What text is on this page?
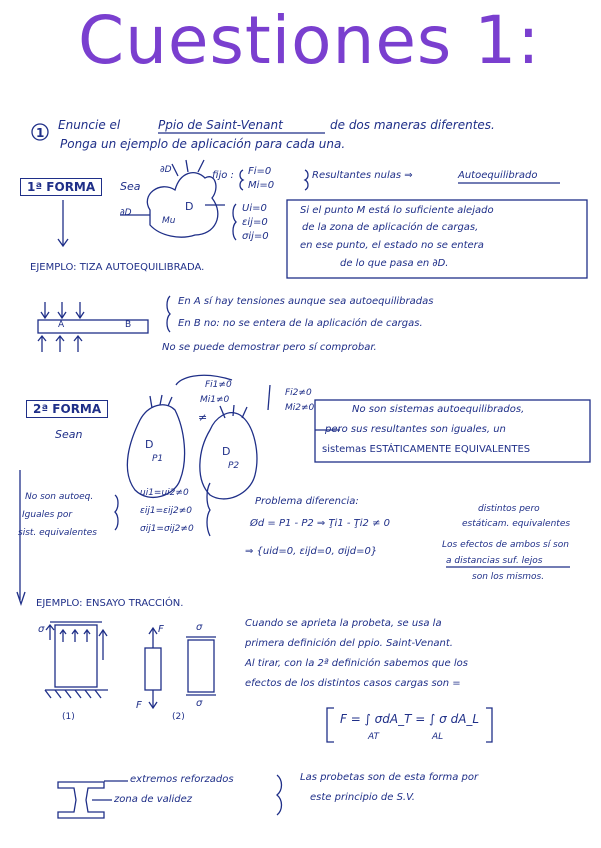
Cuestiones 1:
1
Enuncie el	Ppio de Saint-Venant	de dos maneras diferentes.
Ponga un ejemplo de aplicación para cada una.
1ª FORMA	Sea
D
Mu
∂D
∂D
fijo : Fi=0
Mi=0
Resultantes nulas ⇒	Autoequilibrado
Ui=0
εij=0
σij=0
Si el punto M está lo suficiente alejado
de la zona de aplicación de cargas,
en ese punto, el estado no se entera
de lo que pasa en ∂D.
EJEMPLO: TIZA AUTOEQUILIBRADA.
A	B
En A sí hay tensiones aunque sea autoequilibradas
En B no: no se entera de la aplicación de cargas.
No se puede demostrar pero sí comprobar.
2ª FORMA
Sean
Fi1≠0
Mi1≠0
Fi2≠0
Mi2≠0
≠
D
P1
D
P2
No son sistemas autoequilibrados,
pero sus resultantes son iguales, un
sistemas ESTÁTICAMENTE EQUIVALENTES
No son autoeq.
Iguales por
sist. equivalentes
ui1=ui2≠0
εij1=εij2≠0
σij1=σij2≠0
Problema diferencia:
Ød = P1 - P2 ⇒ Ţi1 - Ţi2 ≠ 0
distintos pero
estáticam. equivalentes
⇒ {uid=0, εijd=0, σijd=0}
Los efectos de ambos sí son
a distancias suf. lejos
son los mismos.
EJEMPLO: ENSAYO TRACCIÓN.
σ	F
F
σ
σ
(1)	(2)
Cuando se aprieta la probeta, se usa la
primera definición del ppio. Saint-Venant.
Al tirar, con la 2ª definición sabemos que los
efectos de los distintos casos cargas son =
F = ∫ σdA_T = ∫ σ dA_L
AT	AL
extremos reforzados
zona de validez
Las probetas son de esta forma por
este principio de S.V.
